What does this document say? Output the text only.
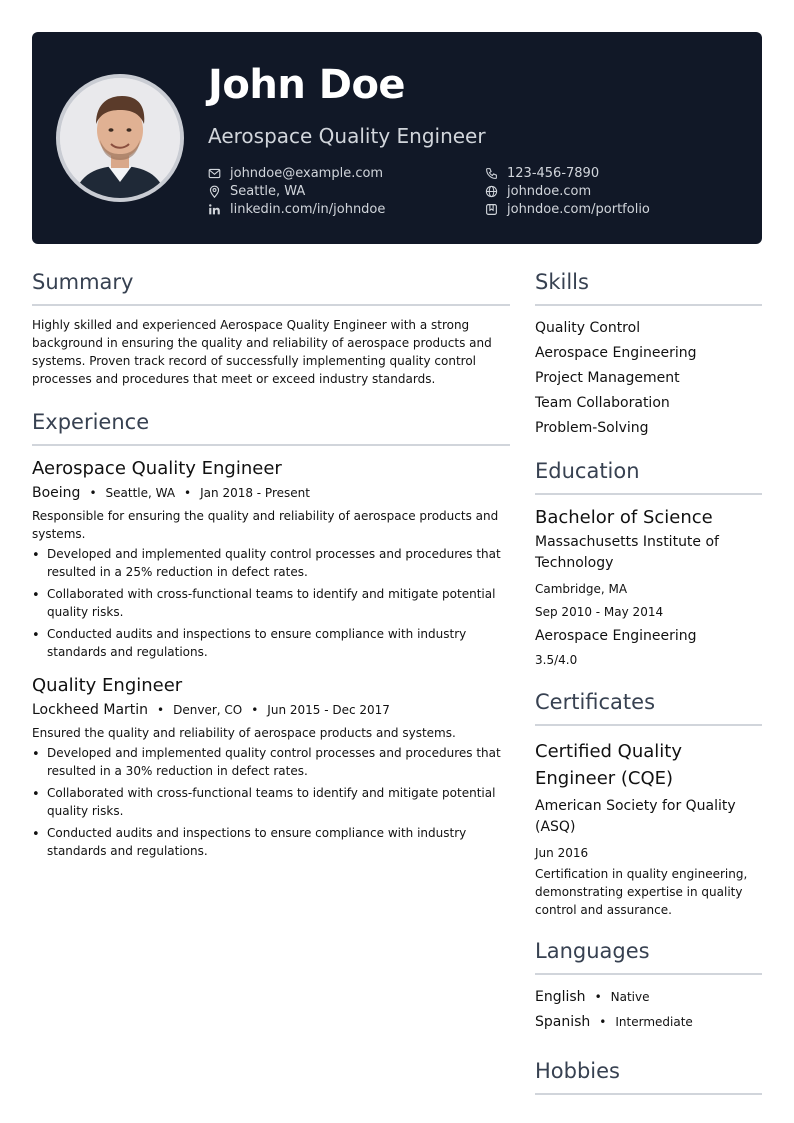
John Doe
Aerospace Quality Engineer
johndoe@example.com	123-456-7890
Seattle, WA	johndoe.com
linkedin.com/in/johndoe	johndoe.com/portfolio
Summary
Highly skilled and experienced Aerospace Quality Engineer with a strong background in ensuring the quality and reliability of aerospace products and systems. Proven track record of successfully implementing quality control processes and procedures that meet or exceed industry standards.
Experience
Aerospace Quality Engineer
Boeing • Seattle, WA • Jan 2018 - Present
Responsible for ensuring the quality and reliability of aerospace products and systems.
• Developed and implemented quality control processes and procedures that resulted in a 25% reduction in defect rates.
• Collaborated with cross-functional teams to identify and mitigate potential quality risks.
• Conducted audits and inspections to ensure compliance with industry standards and regulations.
Quality Engineer
Lockheed Martin • Denver, CO • Jun 2015 - Dec 2017
Ensured the quality and reliability of aerospace products and systems.
• Developed and implemented quality control processes and procedures that resulted in a 30% reduction in defect rates.
• Collaborated with cross-functional teams to identify and mitigate potential quality risks.
• Conducted audits and inspections to ensure compliance with industry standards and regulations.
Skills
Quality Control
Aerospace Engineering
Project Management
Team Collaboration
Problem-Solving
Education
Bachelor of Science
Massachusetts Institute of Technology
Cambridge, MA
Sep 2010 - May 2014
Aerospace Engineering
3.5/4.0
Certificates
Certified Quality Engineer (CQE)
American Society for Quality (ASQ)
Jun 2016
Certification in quality engineering, demonstrating expertise in quality control and assurance.
Languages
English • Native
Spanish • Intermediate
Hobbies
